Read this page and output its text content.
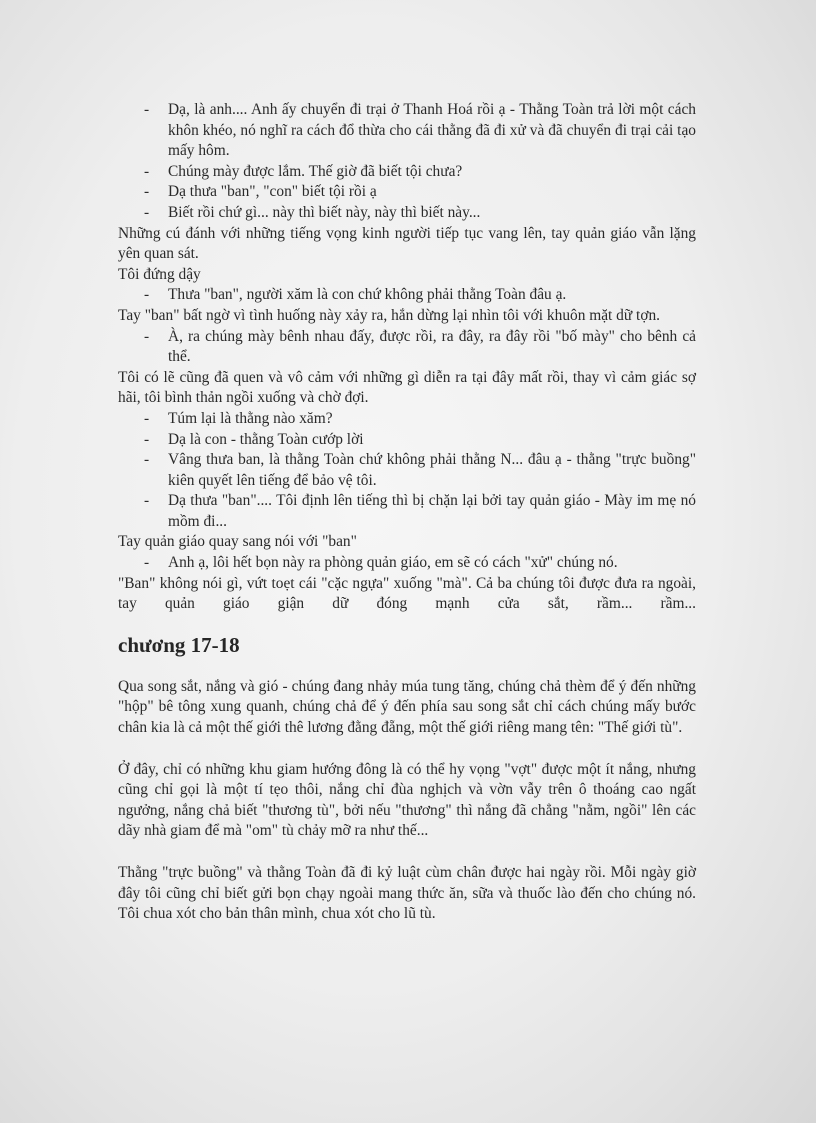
- Dạ, là anh.... Anh ấy chuyển đi trại ở Thanh Hoá rồi ạ - Thằng Toàn trả lời một cách khôn khéo, nó nghĩ ra cách đổ thừa cho cái thằng đã đi xử và đã chuyển đi trại cải tạo mấy hôm.
- Chúng mày được lắm. Thế giờ đã biết tội chưa?
- Dạ thưa "ban", "con" biết tội rồi ạ
- Biết rồi chứ gì... này thì biết này, này thì biết này...

Những cú đánh với những tiếng vọng kinh người tiếp tục vang lên, tay quản giáo vẫn lặng yên quan sát.

Tôi đứng dậy

- Thưa "ban", người xăm là con chứ không phải thằng Toàn đâu ạ.

Tay "ban" bất ngờ vì tình huống này xảy ra, hắn dừng lại nhìn tôi với khuôn mặt dữ tợn.

- À, ra chúng mày bênh nhau đấy, được rồi, ra đây, ra đây rồi "bố mày" cho bênh cả thể.

Tôi có lẽ cũng đã quen và vô cảm với những gì diễn ra tại đây mất rồi, thay vì cảm giác sợ hãi, tôi bình thản ngồi xuống và chờ đợi.

- Túm lại là thằng nào xăm?
- Dạ là con - thằng Toàn cướp lời
- Vâng thưa ban, là thằng Toàn chứ không phải thằng N... đâu ạ - thằng "trực buồng" kiên quyết lên tiếng để bảo vệ tôi.
- Dạ thưa "ban".... Tôi định lên tiếng thì bị chặn lại bởi tay quản giáo - Mày im mẹ nó mồm đi...

Tay quản giáo quay sang nói với "ban"

- Anh ạ, lôi hết bọn này ra phòng quản giáo, em sẽ có cách "xử" chúng nó.

"Ban" không nói gì, vứt toẹt cái "cặc ngựa" xuống "mà". Cả ba chúng tôi được đưa ra ngoài, tay quản giáo giận dữ đóng mạnh cửa sắt, rầm... rầm...

chương 17-18

Qua song sắt, nắng và gió - chúng đang nhảy múa tung tăng, chúng chả thèm để ý đến những "hộp" bê tông xung quanh, chúng chả để ý đến phía sau song sắt chỉ cách chúng mấy bước chân kia là cả một thế giới thê lương đằng đẵng, một thế giới riêng mang tên: "Thế giới tù".

Ở đây, chỉ có những khu giam hướng đông là có thể hy vọng "vợt" được một ít nắng, nhưng cũng chỉ gọi là một tí tẹo thôi, nắng chỉ đùa nghịch và vờn vẫy trên ô thoáng cao ngất ngưởng, nắng chả biết "thương tù", bởi nếu "thương" thì nắng đã chẳng "nằm, ngồi" lên các dãy nhà giam để mà "om" tù chảy mỡ ra như thế...

Thằng "trực buồng" và thằng Toàn đã đi kỷ luật cùm chân được hai ngày rồi. Mỗi ngày giờ đây tôi cũng chỉ biết gửi bọn chạy ngoài mang thức ăn, sữa và thuốc lào đến cho chúng nó. Tôi chua xót cho bản thân mình, chua xót cho lũ tù.
